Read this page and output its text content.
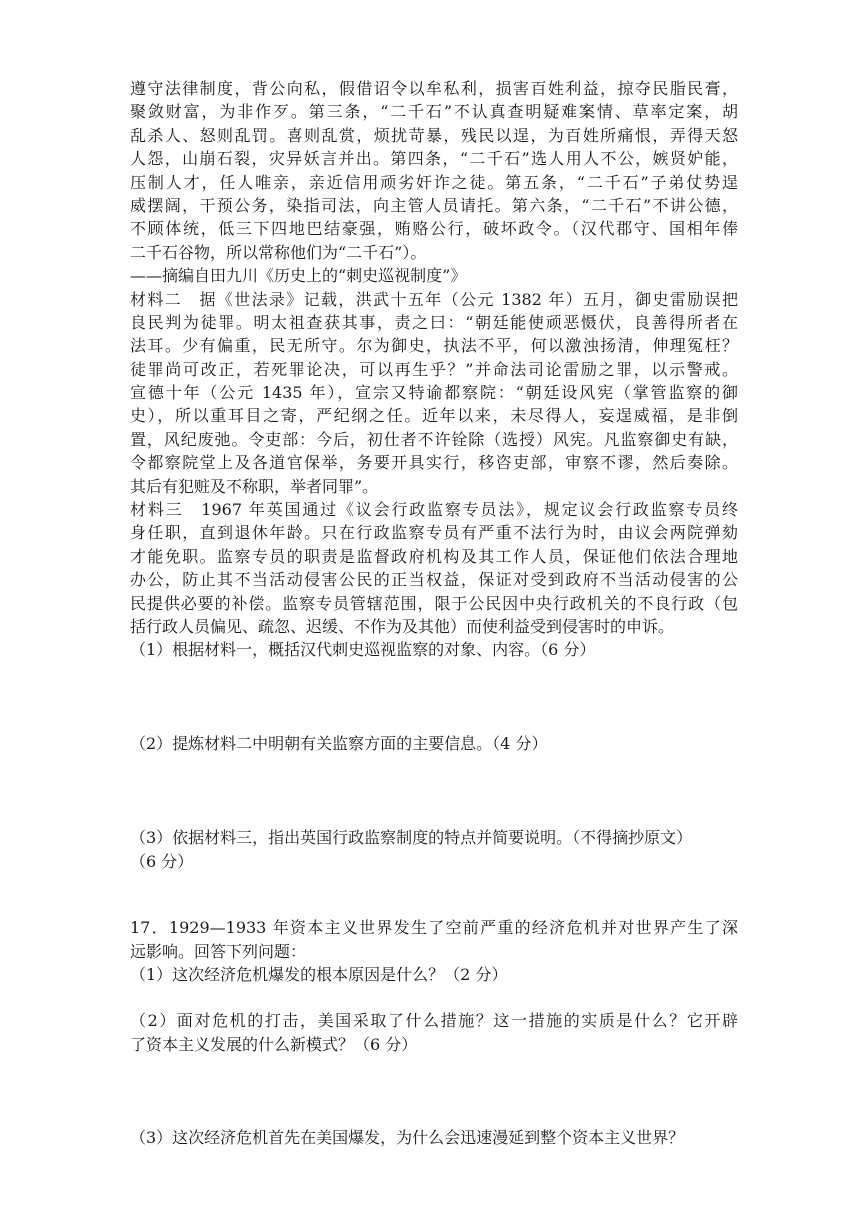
遵守法律制度，背公向私，假借诏令以牟私利，损害百姓利益，掠夺民脂民膏，
聚敛财富，为非作歹。第三条，“二千石”不认真查明疑难案情、草率定案，胡
乱杀人、怒则乱罚。喜则乱赏，烦扰苛暴，残民以逞，为百姓所痛恨，弄得天怒
人怨，山崩石裂，灾异妖言并出。第四条，“二千石”选人用人不公，嫉贤妒能，
压制人才，任人唯亲，亲近信用顽劣奸诈之徒。第五条，“二千石”子弟仗势逞
威摆阔，干预公务，染指司法，向主管人员请托。第六条，“二千石”不讲公德，
不顾体统，低三下四地巴结豪强，贿赂公行，破坏政令。（汉代郡守、国相年俸
二千石谷物，所以常称他们为“二千石”）。
——摘编自田九川《历史上的“刺史巡视制度”》
材料二　据《世法录》记载，洪武十五年（公元 1382 年）五月，御史雷励误把
良民判为徒罪。明太祖查获其事，责之曰：“朝廷能使顽恶慑伏，良善得所者在
法耳。少有偏重，民无所守。尔为御史，执法不平，何以激浊扬清，伸理冤枉？
徒罪尚可改正，若死罪论决，可以再生乎？”并命法司论雷励之罪，以示警戒。
宣德十年（公元 1435 年），宣宗又特谕都察院：“朝廷设风宪（掌管监察的御
史），所以重耳目之寄，严纪纲之任。近年以来，未尽得人，妄逞威福，是非倒
置，风纪废弛。令吏部：今后，初仕者不许铨除（选授）风宪。凡监察御史有缺，
令都察院堂上及各道官保举，务要开具实行，移咨吏部，审察不谬，然后奏除。
其后有犯赃及不称职，举者同罪”。
材料三　1967 年英国通过《议会行政监察专员法》，规定议会行政监察专员终
身任职，直到退休年龄。只在行政监察专员有严重不法行为时，由议会两院弹劾
才能免职。监察专员的职责是监督政府机构及其工作人员，保证他们依法合理地
办公，防止其不当活动侵害公民的正当权益，保证对受到政府不当活动侵害的公
民提供必要的补偿。监察专员管辖范围，限于公民因中央行政机关的不良行政（包
括行政人员偏见、疏忽、迟缓、不作为及其他）而使利益受到侵害时的申诉。
（1）根据材料一，概括汉代刺史巡视监察的对象、内容。（6 分）
（2）提炼材料二中明朝有关监察方面的主要信息。（4 分）
（3）依据材料三，指出英国行政监察制度的特点并简要说明。（不得摘抄原文）
（6 分）
17．1929—1933 年资本主义世界发生了空前严重的经济危机并对世界产生了深
远影响。回答下列问题：
（1）这次经济危机爆发的根本原因是什么？（2 分）
（2）面对危机的打击，美国采取了什么措施？这一措施的实质是什么？它开辟
了资本主义发展的什么新模式？（6 分）
（3）这次经济危机首先在美国爆发，为什么会迅速漫延到整个资本主义世界？
